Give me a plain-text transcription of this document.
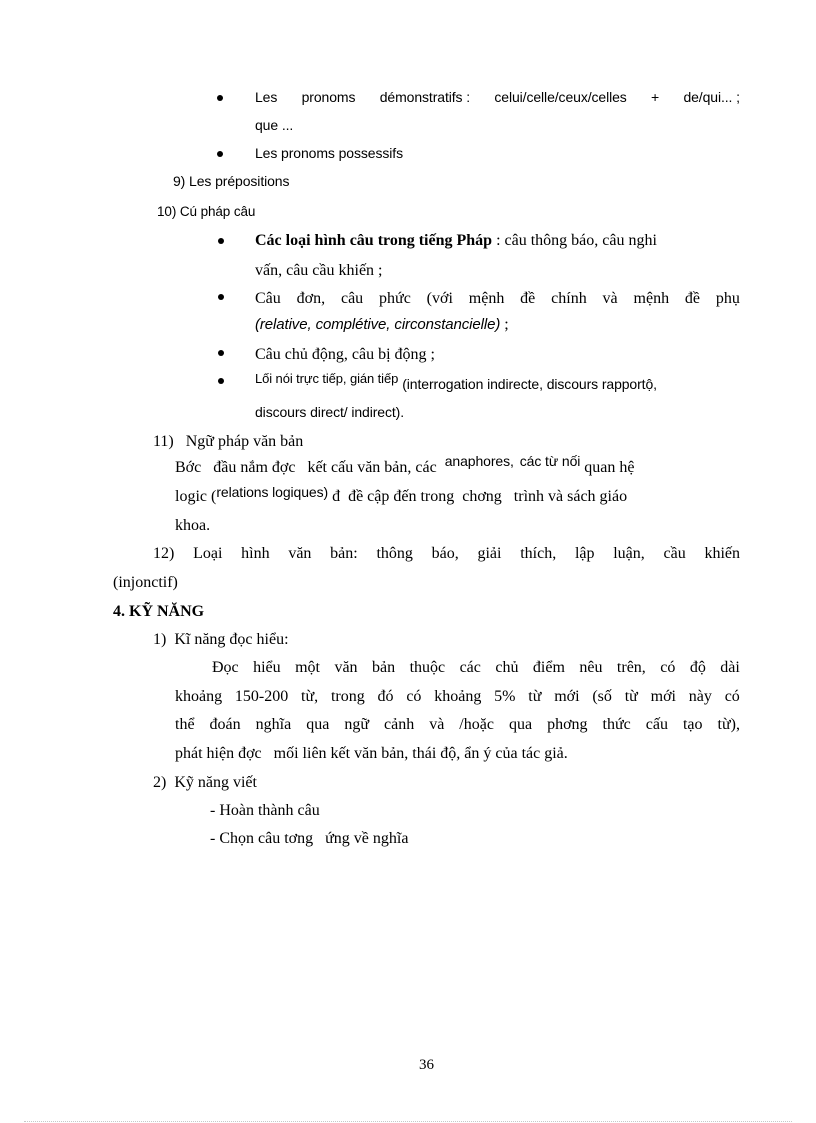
Les pronoms démonstratifs : celui/celle/ceux/celles + de/qui... ;
que ...
Les pronoms possessifs
9) Les prépositions
10) Cú pháp câu
Các loại hình câu trong tiếng Pháp : câu thông báo, câu nghi
vấn, câu cầu khiến ;
Câu đơn, câu phức (với mệnh đề chính và mệnh đề phụ
(relative, complétive, circonstancielle) ;
Câu chủ động, câu bị động ;
Lối nói trực tiếp, gián tiếp (interrogation indirecte, discours rapportộ,
discours direct/ indirect).
11) Ngữ pháp văn bản
Bớc   đầu nắm đợc   kết cấu văn bản, các anaphores, các từ nối quan hệ
logic (relations logiques) đ  đề cập đến trong  chơng   trình và sách giáo
khoa.
12) Loại hình văn bản: thông báo, giải thích, lập luận, cầu khiến
(injonctif)
4. KỸ NĂNG
1)  Kĩ năng đọc hiểu:
Đọc hiểu một văn bản thuộc các chủ điểm nêu trên, có độ dài
khoảng 150-200 từ, trong đó có khoảng 5% từ mới (số từ mới này có
thể đoán nghĩa qua ngữ cảnh và /hoặc qua phơng thức cấu tạo từ),
phát hiện đợc   mối liên kết văn bản, thái độ, ẩn ý của tác giả.
2)  Kỹ năng viết
- Hoàn thành câu
- Chọn câu tơng   ứng về nghĩa
36
